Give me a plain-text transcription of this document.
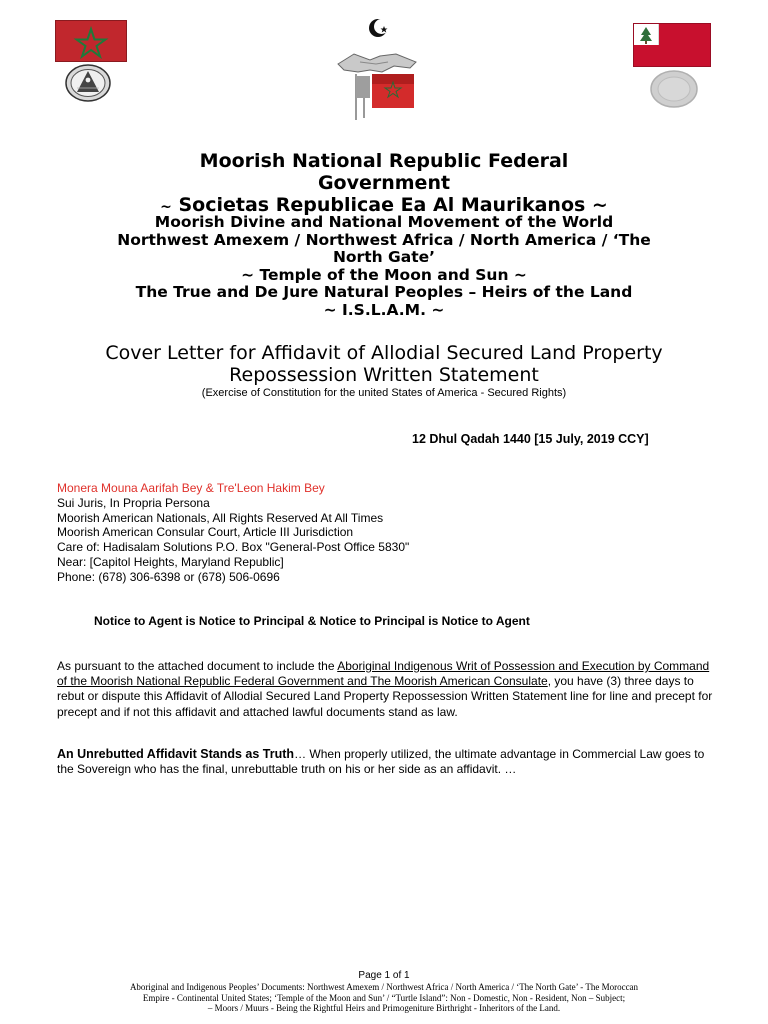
Moorish National Republic Federal
Government
~ Societas Republicae Ea Al Maurikanos ~
Moorish Divine and National Movement of the World
Northwest Amexem / Northwest Africa / North America / ‘The
North Gate’
~ Temple of the Moon and Sun ~
The True and De Jure Natural Peoples – Heirs of the Land
~ I.S.L.A.M. ~
Cover Letter for Affidavit of Allodial Secured Land Property
Repossession Written Statement
(Exercise of Constitution for the united States of America - Secured Rights)
12 Dhul Qadah 1440 [15 July, 2019 CCY]
Monera Mouna Aarifah Bey & Tre'Leon Hakim Bey
Sui Juris, In Propria Persona
Moorish American Nationals, All Rights Reserved At All Times
Moorish American Consular Court, Article III Jurisdiction
Care of: Hadisalam Solutions P.O. Box "General-Post Office 5830"
Near: [Capitol Heights, Maryland Republic]
Phone: (678) 306-6398 or (678) 506-0696
Notice to Agent is Notice to Principal & Notice to Principal is Notice to Agent
As pursuant to the attached document to include the Aboriginal Indigenous Writ of Possession and Execution by Command of the Moorish National Republic Federal Government and The Moorish American Consulate, you have (3) three days to rebut or dispute this Affidavit of Allodial Secured Land Property Repossession Written Statement line for line and precept for precept and if not this affidavit and attached lawful documents stand as law.
An Unrebutted Affidavit Stands as Truth… When properly utilized, the ultimate advantage in Commercial Law goes to the Sovereign who has the final, unrebuttable truth on his or her side as an affidavit. …
Page 1 of 1
Aboriginal and Indigenous Peoples’ Documents: Northwest Amexem / Northwest Africa / North America / ‘The North Gate’ - The Moroccan
Empire - Continental United States; ‘Temple of the Moon and Sun’ / “Turtle Island”: Non - Domestic, Non - Resident, Non – Subject;
– Moors / Muurs - Being the Rightful Heirs and Primogeniture Birthright - Inheritors of the Land.
